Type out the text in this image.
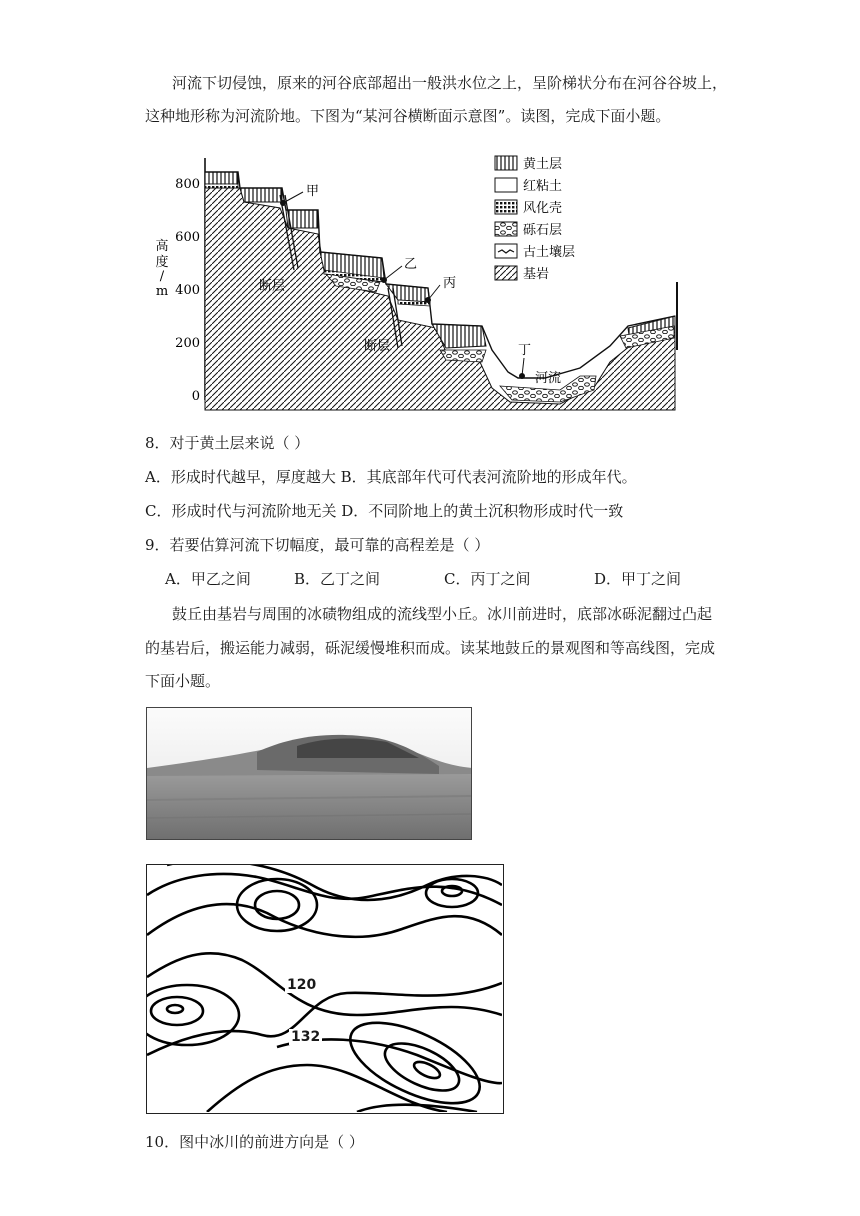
河流下切侵蚀，原来的河谷底部超出一般洪水位之上，呈阶梯状分布在河谷谷坡上，
这种地形称为河流阶地。下图为“某河谷横断面示意图”。读图，完成下面小题。
800
600
400
200
0
高
度
/
m	断层
断层
甲
乙
丙
丁
河流
黄土层
红粘土
风化壳
砾石层
古土壤层
基岩
8．对于黄土层来说（ ）
A．形成时代越早，厚度越大 B．其底部年代可代表河流阶地的形成年代。
C．形成时代与河流阶地无关 D．不同阶地上的黄土沉积物形成时代一致
9．若要估算河流下切幅度，最可靠的高程差是（ ）
A．甲乙之间	B．乙丁之间	C．丙丁之间	D．甲丁之间
鼓丘由基岩与周围的冰碛物组成的流线型小丘。冰川前进时，底部冰砾泥翻过凸起
的基岩后，搬运能力减弱，砾泥缓慢堆积而成。读某地鼓丘的景观图和等高线图，完成
下面小题。
120
132
10．图中冰川的前进方向是（ ）
